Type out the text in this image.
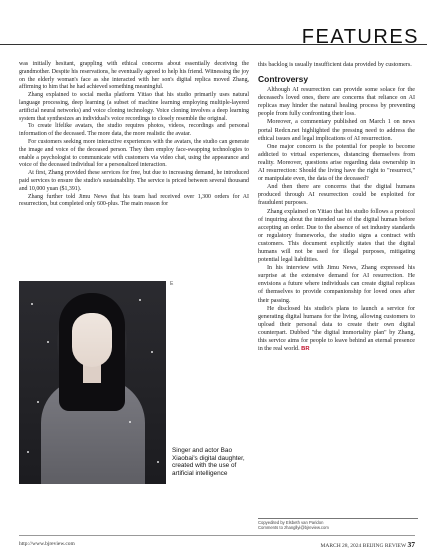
FEATURES

was initially hesitant, grappling with ethical concerns about essentially deceiving the grandmother. Despite his reservations, he eventually agreed to help his friend. Witnessing the joy on the elderly woman's face as she interacted with her son's digital replica moved Zhang, affirming to him that he had achieved something meaningful.

Zhang explained to social media platform Yitiao that his studio primarily uses natural language processing, deep learning (a subset of machine learning employing multiple-layered artificial neural networks) and voice cloning technology. Voice cloning involves a deep learning system that synthesizes an individual's voice recordings to closely resemble the original.

To create lifelike avatars, the studio requires photos, videos, recordings and personal information of the deceased. The more data, the more realistic the avatar.

For customers seeking more interactive experiences with the avatars, the studio can generate the image and voice of the deceased person. They then employ face-swapping technologies to enable a psychologist to communicate with customers via video chat, using the appearance and voice of the deceased individual for a personalized interaction.

At first, Zhang provided these services for free, but due to increasing demand, he introduced paid services to ensure the studio's sustainability. The service is priced between several thousand and 10,000 yuan ($1,391).

Zhang further told Jimu News that his team had received over 1,300 orders for AI resurrection, but completed only 600-plus. The main reason for

E
Singer and actor Bao Xiaobai's digital daughter, created with the use of artificial intelligence

this backlog is usually insufficient data provided by customers.

Controversy

Although AI resurrection can provide some solace for the deceased's loved ones, there are concerns that reliance on AI replicas may hinder the natural healing process by preventing people from fully confronting their loss.

Moreover, a commentary published on March 1 on news portal Redcn.net highlighted the pressing need to address the ethical issues and legal implications of AI resurrection.

One major concern is the potential for people to become addicted to virtual experiences, distancing themselves from reality. Moreover, questions arise regarding data ownership in AI resurrection: Should the living have the right to "resurrect," or manipulate even, the data of the deceased?

And then there are concerns that the digital humans produced through AI resurrection could be exploited for fraudulent purposes.

Zhang explained on Yitiao that his studio follows a protocol of inquiring about the intended use of the digital human before accepting an order. Due to the absence of set industry standards or regulatory frameworks, the studio signs a contract with customers. This document explicitly states that the digital humans will not be used for illegal purposes, mitigating potential legal liabilities.

In his interview with Jimu News, Zhang expressed his surprise at the extensive demand for AI resurrection. He envisions a future where individuals can create digital replicas of themselves to provide companionship for loved ones after their passing.

He disclosed his studio's plans to launch a service for generating digital humans for the living, allowing customers to upload their personal data to create their own digital counterpart. Dubbed "the digital immortality plan" by Zhang, this service aims for people to leave behind an eternal presence in the real world. BR

Copyedited by Elsbeth van Paridon
Comments to zhangllyi@bjreview.com
http://www.bjreview.com	MARCH 28, 2024 BEIJING REVIEW 37
